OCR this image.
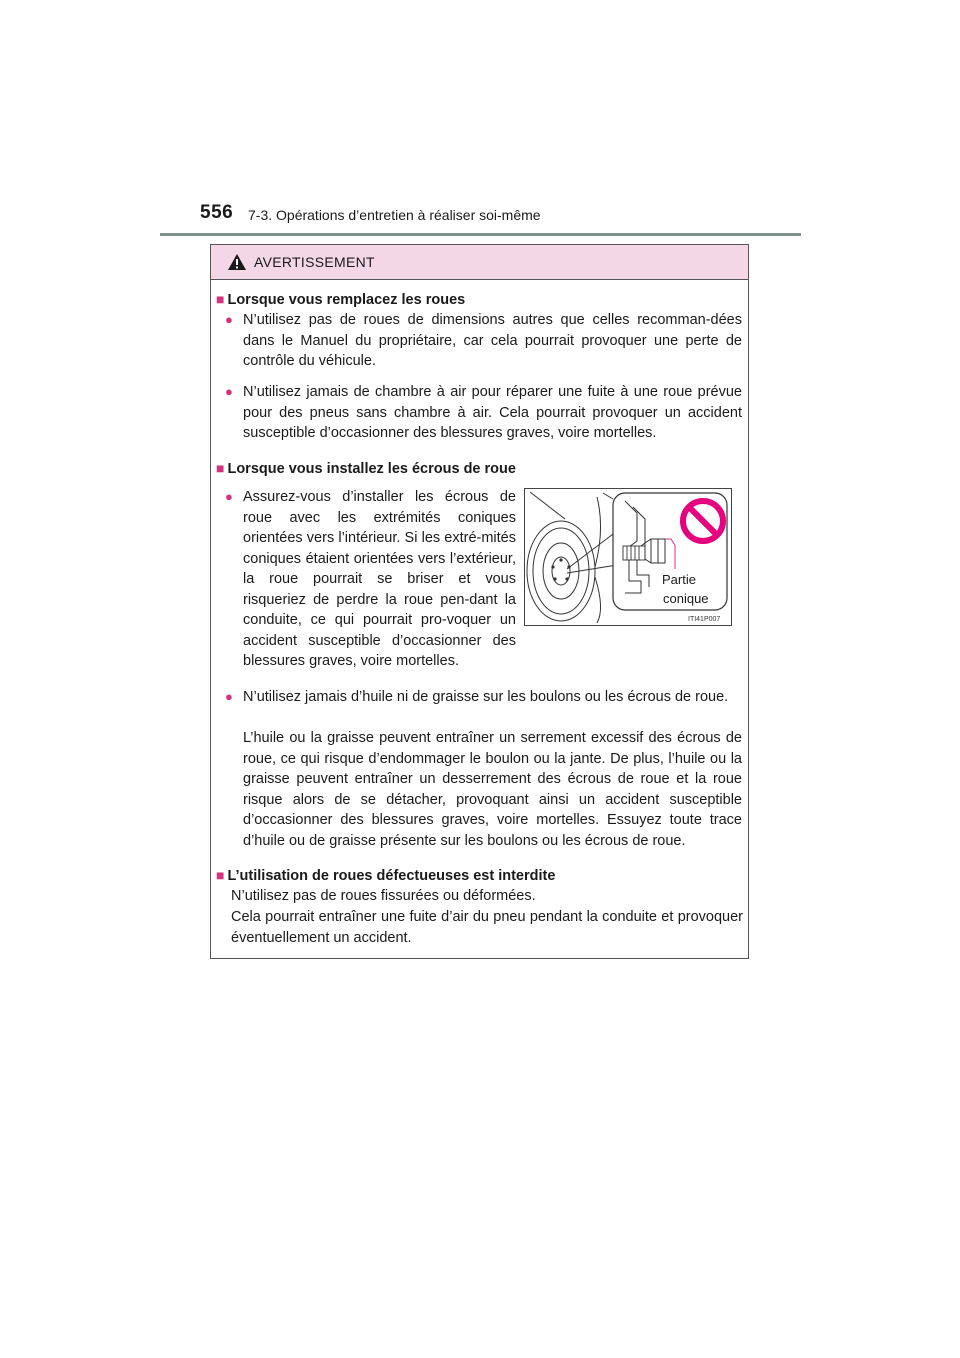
556 7-3. Opérations d’entretien à réaliser soi-même
AVERTISSEMENT
■ Lorsque vous remplacez les roues
● N’utilisez pas de roues de dimensions autres que celles recomman-dées dans le Manuel du propriétaire, car cela pourrait provoquer une perte de contrôle du véhicule.
● N’utilisez jamais de chambre à air pour réparer une fuite à une roue prévue pour des pneus sans chambre à air. Cela pourrait provoquer un accident susceptible d’occasionner des blessures graves, voire mortelles.
■ Lorsque vous installez les écrous de roue
● Assurez-vous d’installer les écrous de roue avec les extrémités coniques orientées vers l’intérieur. Si les extré-mités coniques étaient orientées vers l’extérieur, la roue pourrait se briser et vous risqueriez de perdre la roue pen-dant la conduite, ce qui pourrait pro-voquer un accident susceptible d’occasionner des blessures graves, voire mortelles.
● N’utilisez jamais d’huile ni de graisse sur les boulons ou les écrous de roue.
L’huile ou la graisse peuvent entraîner un serrement excessif des écrous de roue, ce qui risque d’endommager le boulon ou la jante. De plus, l’huile ou la graisse peuvent entraîner un desserrement des écrous de roue et la roue risque alors de se détacher, provoquant ainsi un accident susceptible d’occasionner des blessures graves, voire mortelles. Essuyez toute trace d’huile ou de graisse présente sur les boulons ou les écrous de roue.
■ L’utilisation de roues défectueuses est interdite
N’utilisez pas de roues fissurées ou déformées.
Cela pourrait entraîner une fuite d’air du pneu pendant la conduite et provoquer éventuellement un accident.
Partie
conique
ITI41P007
